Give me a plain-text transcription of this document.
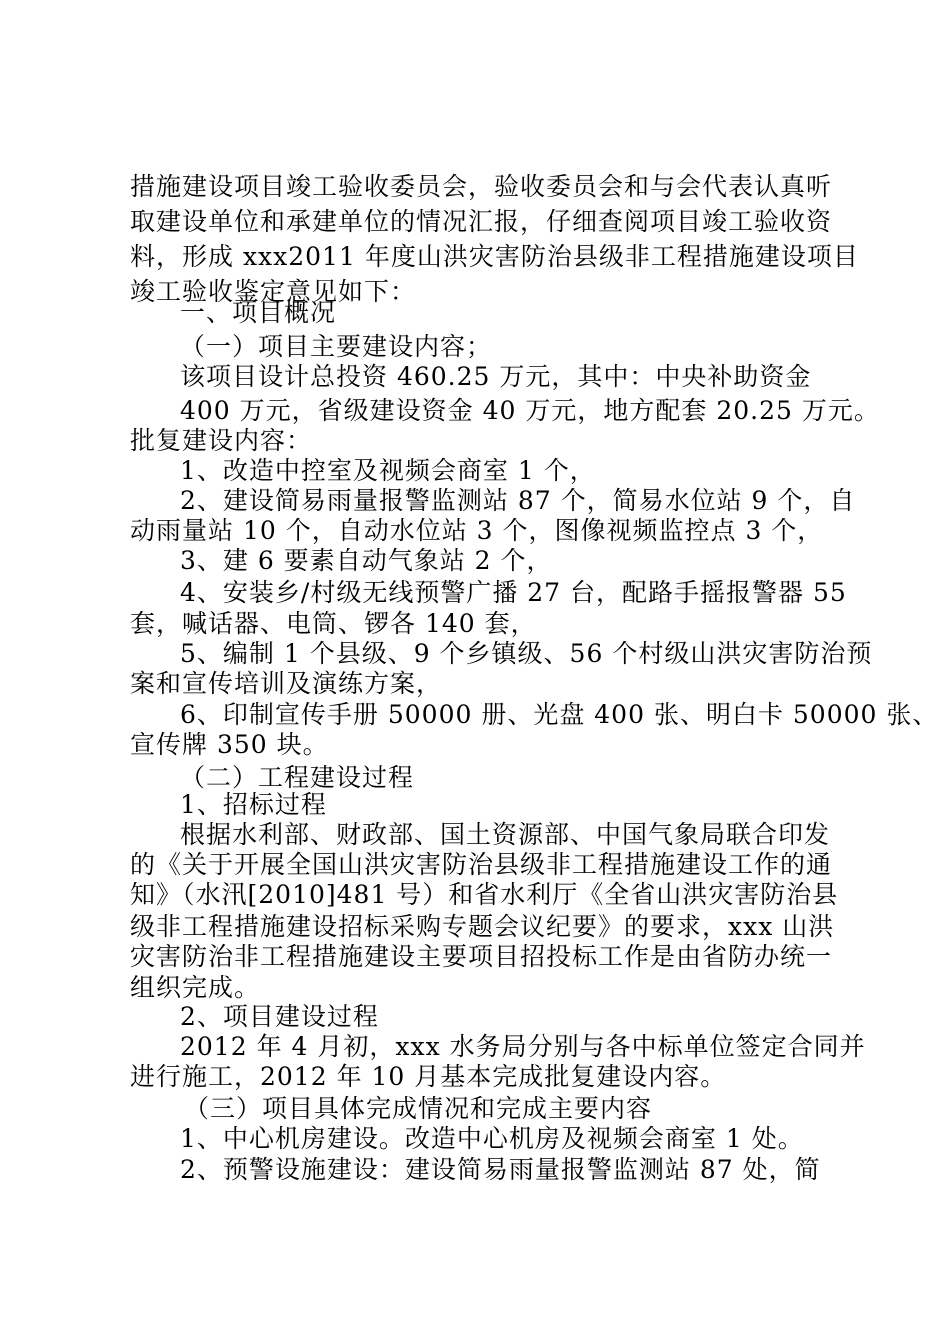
措施建设项目竣工验收委员会，验收委员会和与会代表认真听
取建设单位和承建单位的情况汇报，仔细查阅项目竣工验收资
料，形成 xxx2011 年度山洪灾害防治县级非工程措施建设项目
竣工验收鉴定意见如下：
一、项目概况
（一）项目主要建设内容；
该项目设计总投资 460.25 万元，其中：中央补助资金
400 万元，省级建设资金 40 万元，地方配套 20.25 万元。
批复建设内容：
1、改造中控室及视频会商室 1 个，
2、建设简易雨量报警监测站 87 个，简易水位站 9 个，自
动雨量站 10 个，自动水位站 3 个，图像视频监控点 3 个，
3、建 6 要素自动气象站 2 个，
4、安装乡/村级无线预警广播 27 台，配路手摇报警器 55
套，喊话器、电筒、锣各 140 套，
5、编制 1 个县级、9 个乡镇级、56 个村级山洪灾害防治预
案和宣传培训及演练方案，
6、印制宣传手册 50000 册、光盘 400 张、明白卡 50000 张、
宣传牌 350 块。
（二）工程建设过程
1、招标过程
根据水利部、财政部、国土资源部、中国气象局联合印发
的《关于开展全国山洪灾害防治县级非工程措施建设工作的通
知》（水汛[2010]481 号）和省水利厅《全省山洪灾害防治县
级非工程措施建设招标采购专题会议纪要》的要求，xxx 山洪
灾害防治非工程措施建设主要项目招投标工作是由省防办统一
组织完成。
2、项目建设过程
2012 年 4 月初，xxx 水务局分别与各中标单位签定合同并
进行施工，2012 年 10 月基本完成批复建设内容。
（三）项目具体完成情况和完成主要内容
1、中心机房建设。改造中心机房及视频会商室 1 处。
2、预警设施建设：建设简易雨量报警监测站 87 处，简
